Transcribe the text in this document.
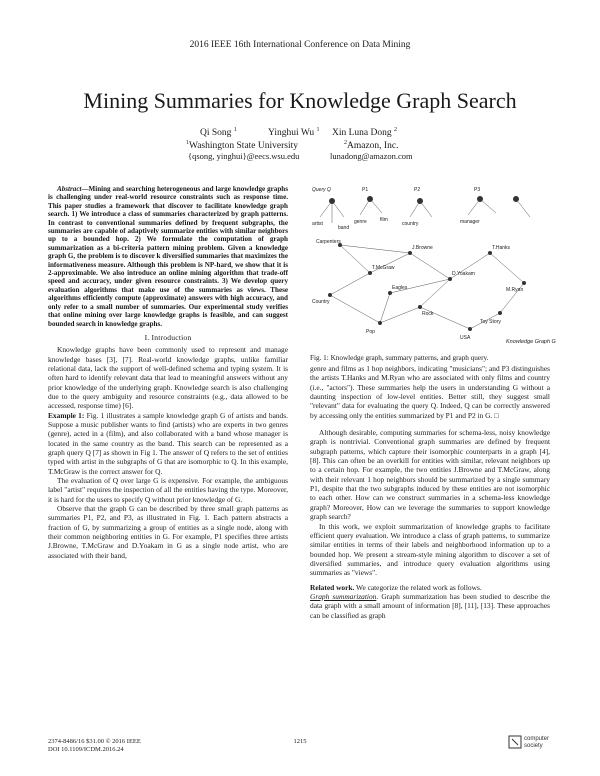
2016 IEEE 16th International Conference on Data Mining
Mining Summaries for Knowledge Graph Search
Qi Song $^1$	Yinghui Wu $^1$ Xin Luna Dong $^2$
$^1$Washington State University	$^2$Amazon, Inc.
{qsong, yinghui}@eecs.wsu.edu	lunadong@amazon.com

Abstract—Mining and searching heterogeneous and large knowledge graphs is challenging under real-world resource constraints such as response time. This paper studies a framework that discover to facilitate knowledge graph search. 1) We introduce a class of summaries characterized by graph patterns. In contrast to conventional summaries defined by frequent subgraphs, the summaries are capable of adaptively summarize entities with similar neighbors up to a bounded hop. 2) We formulate the computation of graph summarization as a bi-criteria pattern mining problem. Given a knowledge graph G, the problem is to discover k diversified summaries that maximizes the informativeness measure. Although this problem is NP-hard, we show that it is 2-approximable. We also introduce an online mining algorithm that trade-off speed and accuracy, under given resource constraints. 3) We develop query evaluation algorithms that make use of the summaries as views. These algorithms efficiently compute (approximate) answers with high accuracy, and only refer to a small number of summaries. Our experimental study verifies that online mining over large knowledge graphs is feasible, and can suggest bounded search in knowledge graphs.

I. Introduction

Knowledge graphs have been commonly used to represent and manage knowledge bases [3], [7]. Real-world knowledge graphs, unlike familiar relational data, lack the support of well-defined schema and typing system. It is often hard to identify relevant data that lead to meaningful answers without any prior knowledge of the underlying graph. Knowledge search is also challenging due to the query ambiguity and resource constraints (e.g., data allowed to be accessed, response time) [6].

Example 1: Fig. 1 illustrates a sample knowledge graph G of artists and bands. Suppose a music publisher wants to find (artists) who are experts in two genres (genre), acted in a (film), and also collaborated with a band whose manager is located in the same country as the band. This search can be represented as a graph query Q [7] as shown in Fig 1. The answer of Q refers to the set of entities typed with artist in the subgraphs of G that are isomorphic to Q. In this example, T.McGraw is the correct answer for Q.

The evaluation of Q over large G is expensive. For example, the ambiguous label "artist" requires the inspection of all the entities having the type. Moreover, it is hard for the users to specify Q without prior knowledge of G.

Observe that the graph G can be described by three small graph patterns as summaries P1, P2, and P3, as illustrated in Fig. 1. Each pattern abstracts a fraction of G, by summarizing a group of entities as a single node, along with their common neighboring entities in G. For example, P1 specifies three artists J.Browne, T.McGraw and D.Yoakam in G as a single node artist, who are associated with their band,

Query Q	P1	P2	P3
artist
band
genre	film
country	manager
Carpenters
T.McGraw
J.Browne
D.Yoakam
T.Hanks
M.Ryan
Country
Rock
Pop
USA
Eagles
Toy Story
Knowledge Graph G
Fig. 1: Knowledge graph, summary patterns, and graph query.

genre and films as 1 hop neighbors, indicating "musicians"; and P3 distinguishes the artists T.Hanks and M.Ryan who are associated with only films and country (i.e., "actors"). These summaries help the users in understanding G without a daunting inspection of low-level entities. Better still, they suggest small "relevant" data for evaluating the query Q. Indeed, Q can be correctly answered by accessing only the entities summarized by P1 and P2 in G. □

Although desirable, computing summaries for schema-less, noisy knowledge graph is nontrivial. Conventional graph summaries are defined by frequent subgraph patterns, which capture their isomorphic counterparts in a graph [4], [8]. This can often be an overkill for entities with similar, relevant neighbors up to a certain hop. For example, the two entities J.Browne and T.McGraw, along with their relevant 1 hop neighbors should be summarized by a single summary P1, despite that the two subgraphs induced by these entities are not isomorphic to each other. How can we construct summaries in a schema-less knowledge graph? Moreover, How can we leverage the summaries to support knowledge graph search?

In this work, we exploit summarization of knowledge graphs to facilitate efficient query evaluation. We introduce a class of graph patterns, to summarize similar entities in terms of their labels and neighborhood information up to a bounded hop. We present a stream-style mining algorithm to discover a set of diversified summaries, and introduce query evaluation algorithms using summaries as "views".

Related work. We categorize the related work as follows.

Graph summarization. Graph summarization has been studied to describe the data graph with a small amount of information [8], [11], [13]. These approaches can be classified as graph

2374-8486/16 $31.00 © 2016 IEEE
DOI 10.1109/ICDM.2016.24
1215	computer
society
